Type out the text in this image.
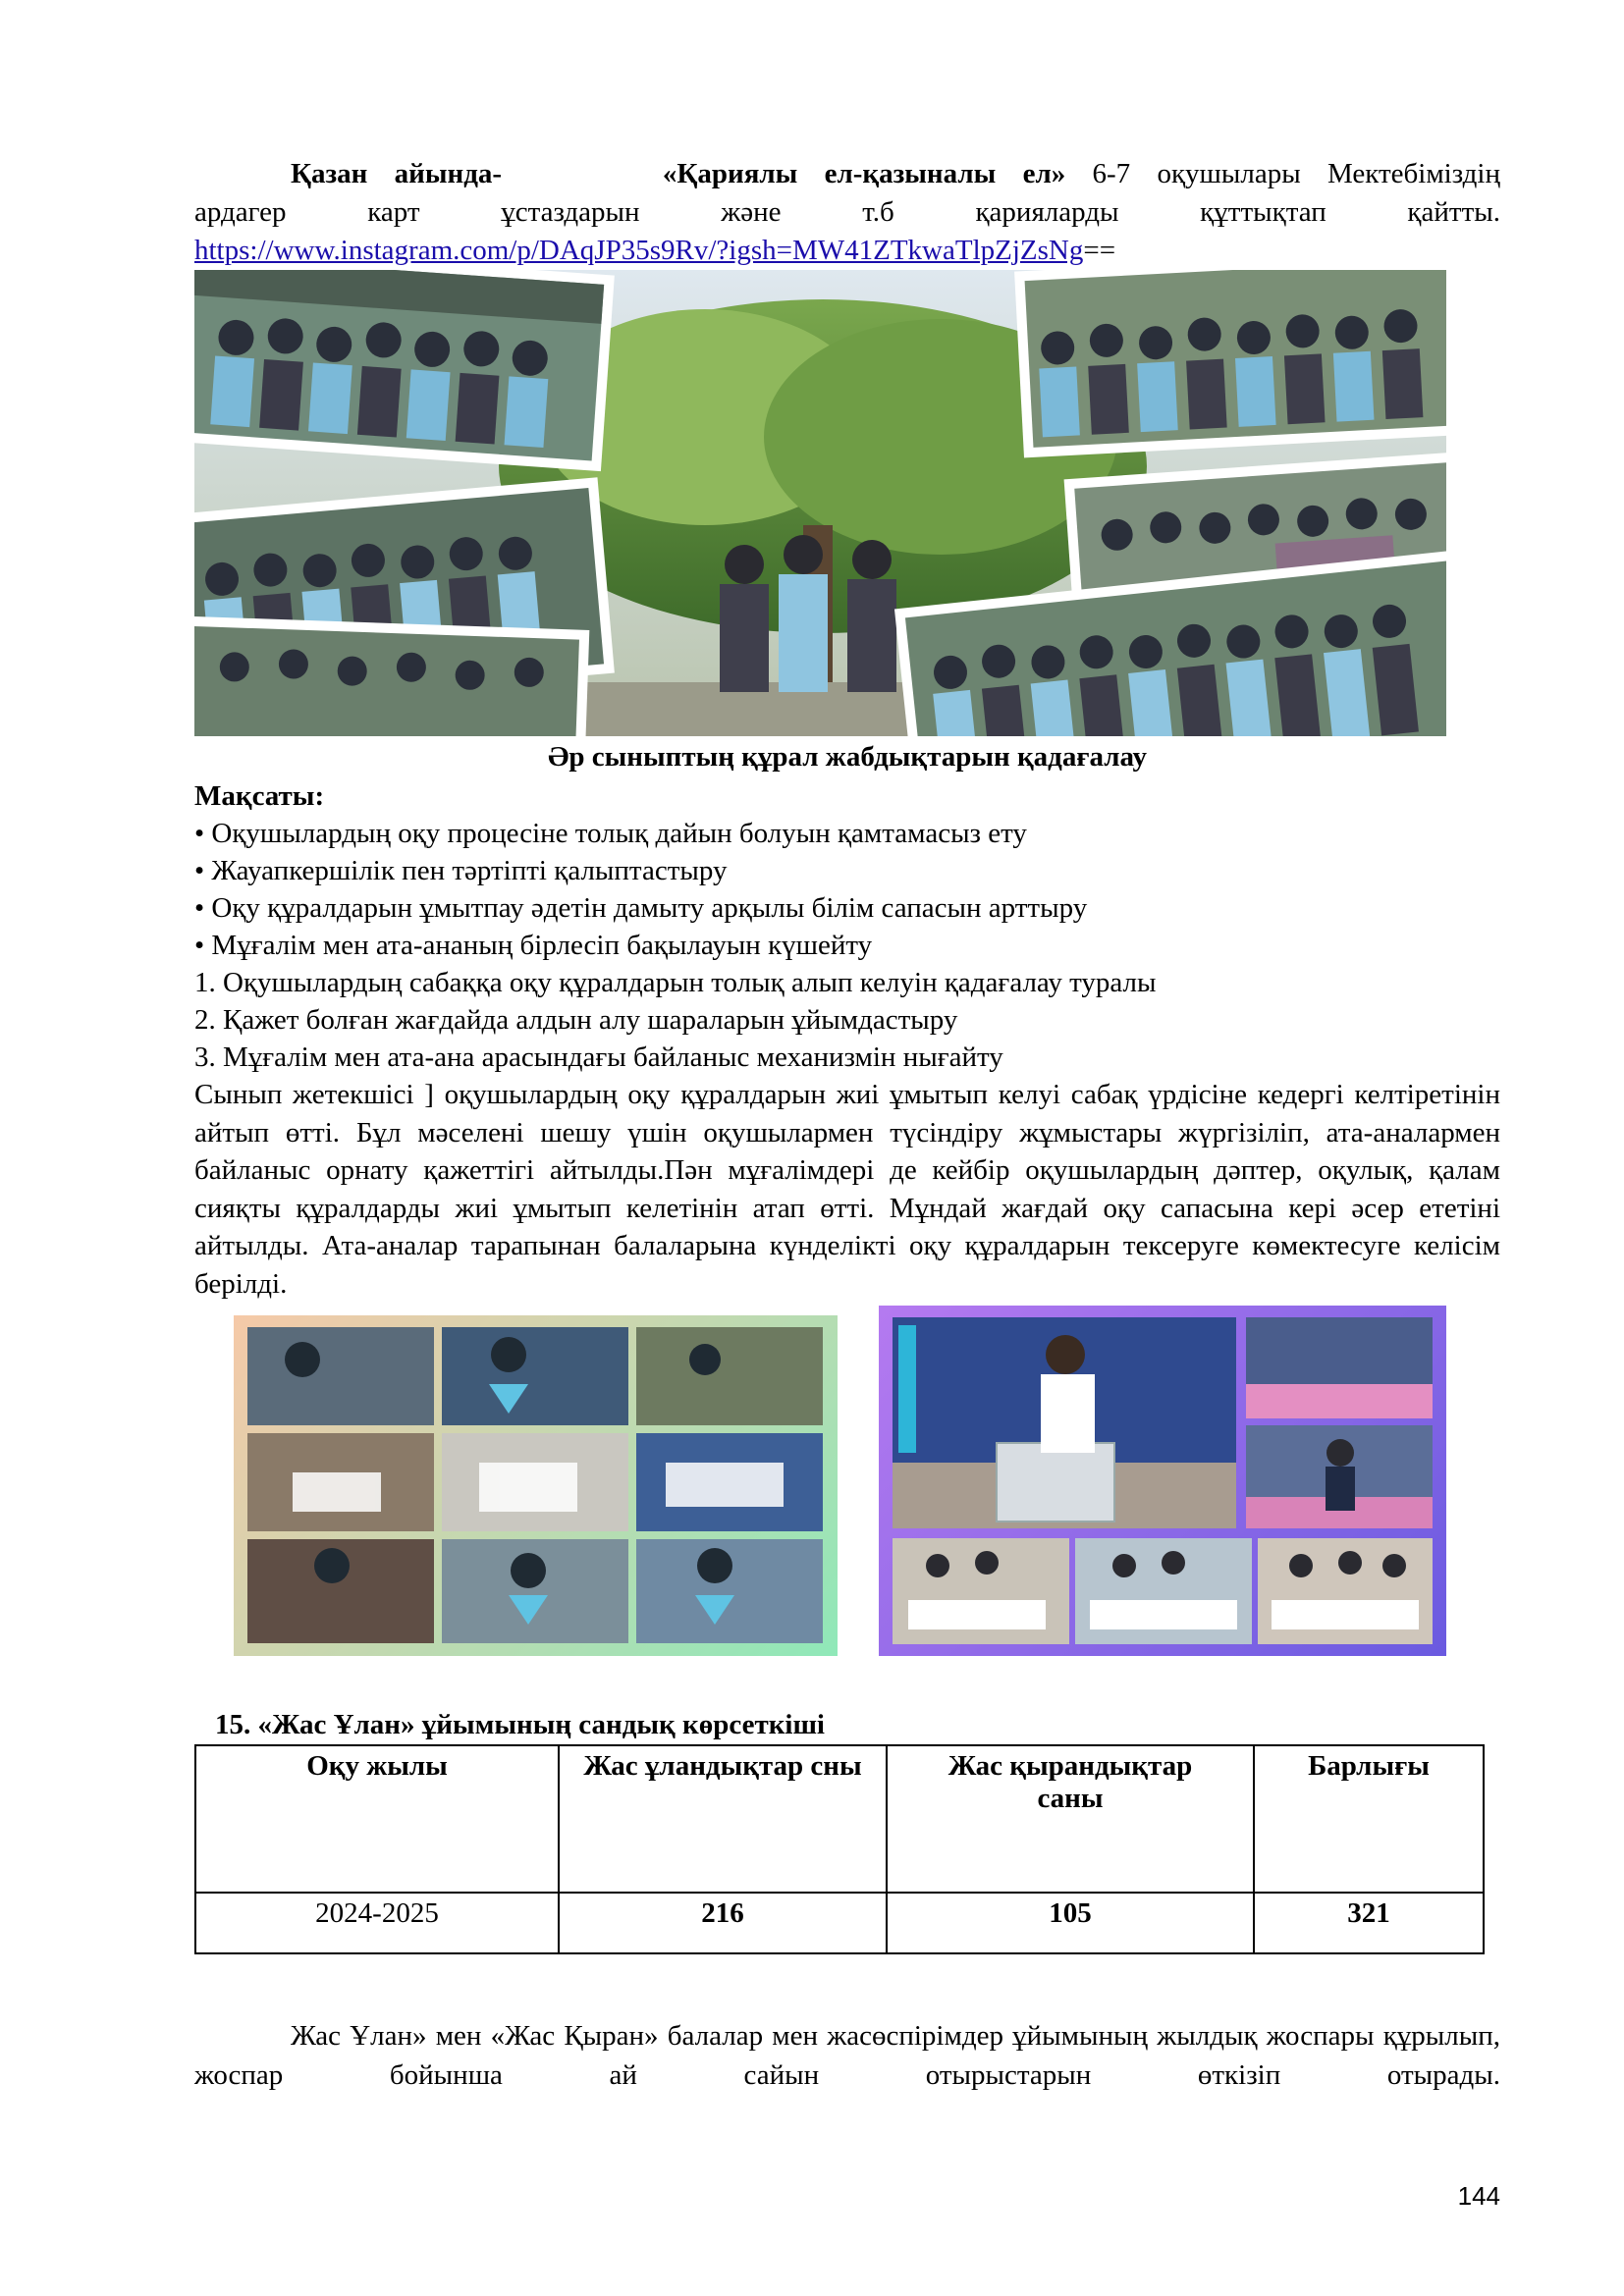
Қазан айында-	«Қариялы ел-қазыналы ел» 6-7 оқушылары Мектебіміздің
ардагер карт ұстаздарын және т.б қарияларды құттықтап қайтты.
https://www.instagram.com/p/DAqJP35s9Rv/?igsh=MW41ZTkwaTlpZjZsNg==
Әр сыныптың құрал жабдықтарын қадағалау
Мақсаты:
• Оқушылардың оқу процесіне толық дайын болуын қамтамасыз ету
• Жауапкершілік пен тәртіпті қалыптастыру
• Оқу құралдарын ұмытпау әдетін дамыту арқылы білім сапасын арттыру
• Мұғалім мен ата-ананың бірлесіп бақылауын күшейту
1. Оқушылардың сабаққа оқу құралдарын толық алып келуін қадағалау туралы
2. Қажет болған жағдайда алдын алу шараларын ұйымдастыру
3. Мұғалім мен ата-ана арасындағы байланыс механизмін нығайту
Сынып жетекшісі ] оқушылардың оқу құралдарын жиі ұмытып келуі сабақ үрдісіне кедергі келтіретінін айтып өтті. Бұл мәселені шешу үшін оқушылармен түсіндіру жұмыстары жүргізіліп, ата-аналармен байланыс орнату қажеттігі айтылды.Пән мұғалімдері де кейбір оқушылардың дәптер, оқулық, қалам сияқты құралдарды жиі ұмытып келетінін атап өтті. Мұндай жағдай оқу сапасына кері әсер ететіні айтылды. Ата-аналар тарапынан балаларына күнделікті оқу құралдарын тексеруге көмектесуге келісім берілді.
15. «Жас Ұлан» ұйымының сандық көрсеткіші
Оқу жылы	Жас ұландықтар сны	Жас қырандықтар саны	Барлығы
2024-2025	216	105	321
Жас Ұлан» мен «Жас Қыран» балалар мен жасөспірімдер ұйымының жылдық жоспары құрылып, жоспар бойынша ай сайын отырыстарын өткізіп отырады.
144
